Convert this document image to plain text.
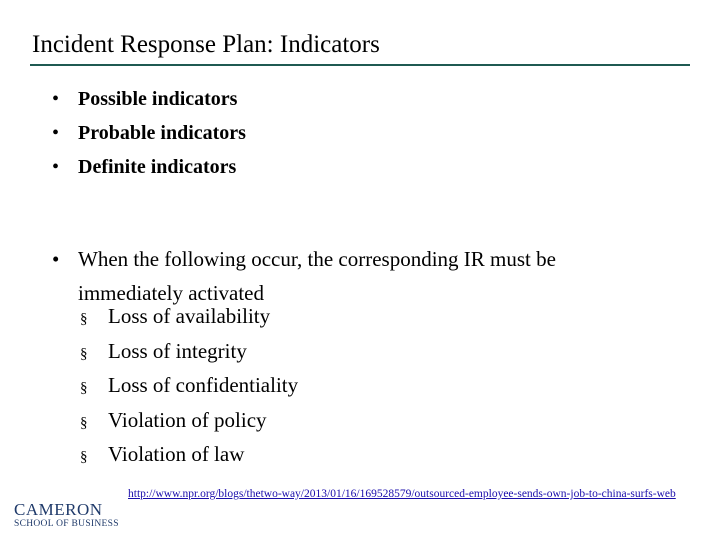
Incident Response Plan: Indicators
• Possible indicators
• Probable indicators
• Definite indicators
• When the following occur, the corresponding IR must be immediately activated
§ Loss of availability
§ Loss of integrity
§ Loss of confidentiality
§ Violation of policy
§ Violation of law
CAMERON
SCHOOL OF BUSINESS
http://www.npr.org/blogs/thetwo-way/2013/01/16/169528579/outsourced-employee-sends-own-job-to-china-surfs-web
